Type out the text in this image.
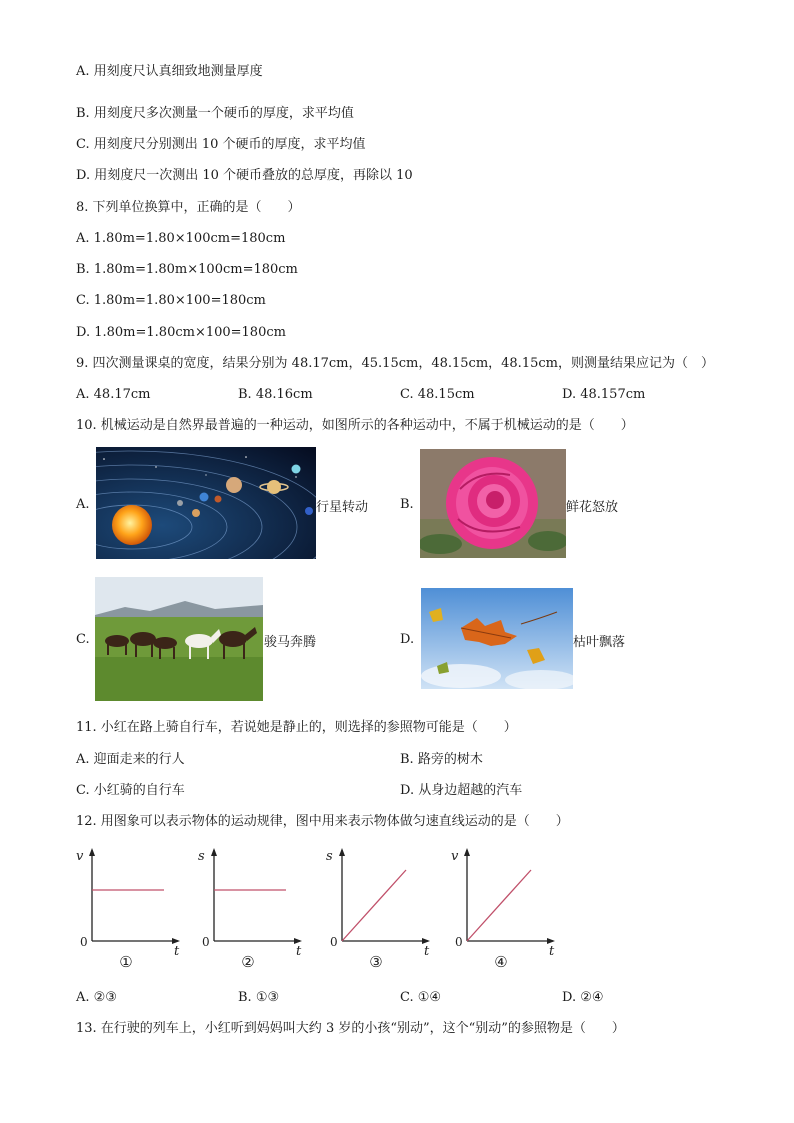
A. 用刻度尺认真细致地测量厚度
B. 用刻度尺多次测量一个硬币的厚度，求平均值
C. 用刻度尺分别测出 10 个硬币的厚度，求平均值
D. 用刻度尺一次测出 10 个硬币叠放的总厚度，再除以 10
8. 下列单位换算中，正确的是（　　）
A. 1.80m=1.80×100cm=180cm
B. 1.80m=1.80m×100cm=180cm
C. 1.80m=1.80×100=180cm
D. 1.80m=1.80cm×100=180cm
9. 四次测量课桌的宽度，结果分别为 48.17cm，45.15cm，48.15cm，48.15cm，则测量结果应记为（　）
A. 48.17cm	B. 48.16cm	C. 48.15cm	D. 48.157cm
10. 机械运动是自然界最普遍的一种运动，如图所示的各种运动中，不属于机械运动的是（　　）
A.	行星转动 B.	鲜花怒放
C.	骏马奔腾	D.	枯叶飘落
11. 小红在路上骑自行车，若说她是静止的，则选择的参照物可能是（　　）
A. 迎面走来的行人	B. 路旁的树木
C. 小红骑的自行车	D. 从身边超越的汽车
12. 用图象可以表示物体的运动规律，图中用来表示物体做匀速直线运动的是（　　）
v
t
0
①
s
t
0
②
s
t
0
③
v
t
0
④
A. ②③	B. ①③	C. ①④	D. ②④
13. 在行驶的列车上，小红听到妈妈叫大约 3 岁的小孩“别动”，这个“别动”的参照物是（　　）
